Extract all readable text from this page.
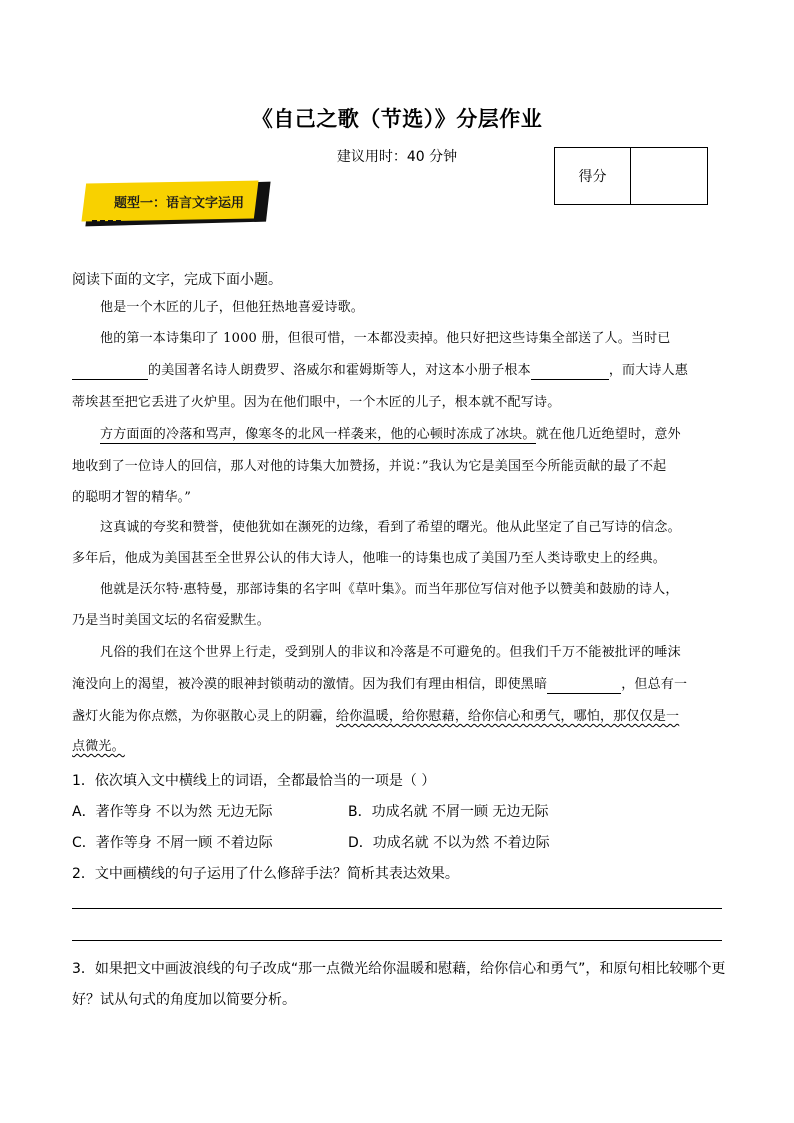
《自己之歌（节选）》分层作业
建议用时：40 分钟
得分
题型一：语言文字运用
阅读下面的文字，完成下面小题。
他是一个木匠的儿子，但他狂热地喜爱诗歌。
他的第一本诗集印了 1000 册，但很可惜，一本都没卖掉。他只好把这些诗集全部送了人。当时已
的美国著名诗人朗费罗、洛威尔和霍姆斯等人，对这本小册子根本	，而大诗人惠
蒂埃甚至把它丢进了火炉里。因为在他们眼中，一个木匠的儿子，根本就不配写诗。
方方面面的冷落和骂声，像寒冬的北风一样袭来，他的心顿时冻成了冰块。就在他几近绝望时，意外
地收到了一位诗人的回信，那人对他的诗集大加赞扬，并说：”我认为它是美国至今所能贡献的最了不起
的聪明才智的精华。”
这真诚的夸奖和赞誉，使他犹如在濒死的边缘，看到了希望的曙光。他从此坚定了自己写诗的信念。
多年后，他成为美国甚至全世界公认的伟大诗人，他唯一的诗集也成了美国乃至人类诗歌史上的经典。
他就是沃尔特·惠特曼，那部诗集的名字叫《草叶集》。而当年那位写信对他予以赞美和鼓励的诗人，
乃是当时美国文坛的名宿爱默生。
凡俗的我们在这个世界上行走，受到别人的非议和冷落是不可避免的。但我们千万不能被批评的唾沫
淹没向上的渴望，被冷漠的眼神封锁萌动的激情。因为我们有理由相信，即使黑暗	，但总有一
盏灯火能为你点燃，为你驱散心灵上的阴霾，给你温暖，给你慰藉，给你信心和勇气，哪怕，那仅仅是一
点微光。
1．依次填入文中横线上的词语，全都最恰当的一项是（ ）
A．著作等身 不以为然 无边无际	B．功成名就 不屑一顾 无边无际
C．著作等身 不屑一顾 不着边际	D．功成名就 不以为然 不着边际
2．文中画横线的句子运用了什么修辞手法？简析其表达效果。
3．如果把文中画波浪线的句子改成“那一点微光给你温暖和慰藉，给你信心和勇气”，和原句相比较哪个更
好？试从句式的角度加以简要分析。
